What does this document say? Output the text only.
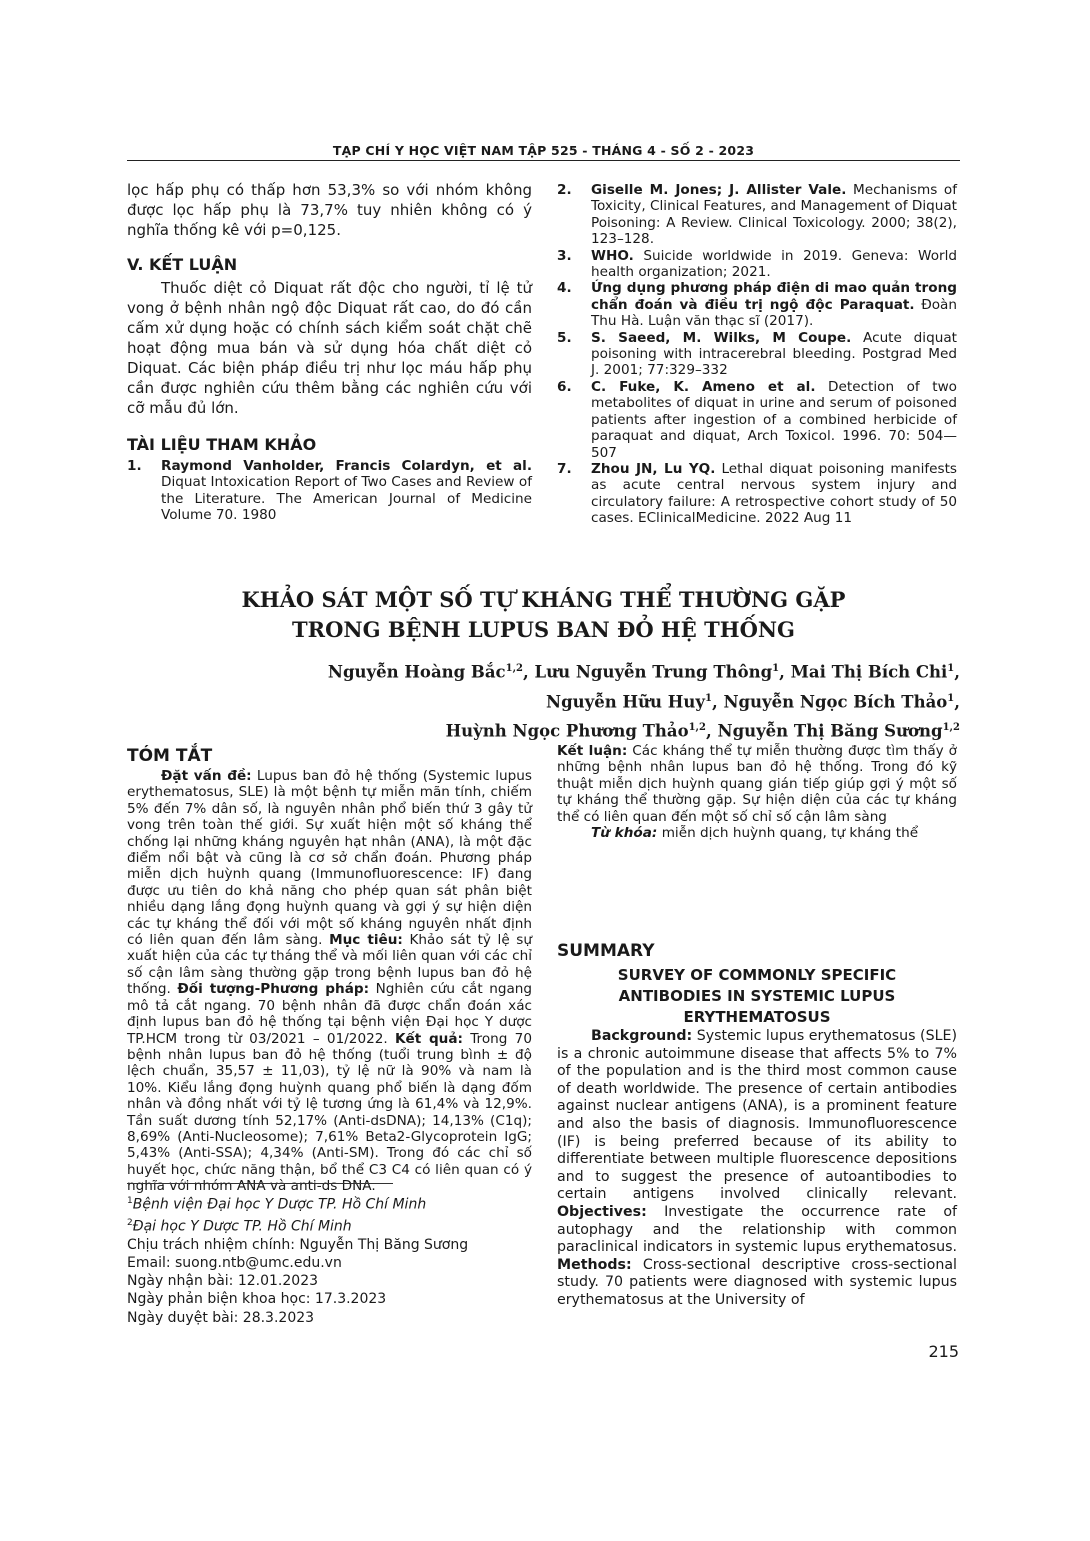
TẠP CHÍ Y HỌC VIỆT NAM TẬP 525 - THÁNG 4 - SỐ 2 - 2023

lọc hấp phụ có thấp hơn 53,3% so với nhóm không được lọc hấp phụ là 73,7% tuy nhiên không có ý nghĩa thống kê với p=0,125.

V. KẾT LUẬN

Thuốc diệt cỏ Diquat rất độc cho người, tỉ lệ tử vong ở bệnh nhân ngộ độc Diquat rất cao, do đó cần cấm xử dụng hoặc có chính sách kiểm soát chặt chẽ hoạt động mua bán và sử dụng hóa chất diệt cỏ Diquat. Các biện pháp điều trị như lọc máu hấp phụ cần được nghiên cứu thêm bằng các nghiên cứu với cỡ mẫu đủ lớn.

TÀI LIỆU THAM KHẢO
1. Raymond Vanholder, Francis Colardyn, et al. Diquat Intoxication Report of Two Cases and Review of the Literature. The American Journal of Medicine Volume 70. 1980
2. Giselle M. Jones; J. Allister Vale. Mechanisms of Toxicity, Clinical Features, and Management of Diquat Poisoning: A Review. Clinical Toxicology. 2000; 38(2), 123–128.
3. WHO. Suicide worldwide in 2019. Geneva: World health organization; 2021.
4. Ứng dụng phương pháp điện di mao quản trong chẩn đoán và điều trị ngộ độc Paraquat. Đoàn Thu Hà. Luận văn thạc sĩ (2017).
5. S. Saeed, M. Wilks, M Coupe. Acute diquat poisoning with intracerebral bleeding. Postgrad Med J. 2001; 77:329–332
6. C. Fuke, K. Ameno et al. Detection of two metabolites of diquat in urine and serum of poisoned patients after ingestion of a combined herbicide of paraquat and diquat, Arch Toxicol. 1996. 70: 504—507
7. Zhou JN, Lu YQ. Lethal diquat poisoning manifests as acute central nervous system injury and circulatory failure: A retrospective cohort study of 50 cases. EClinicalMedicine. 2022 Aug 11
KHẢO SÁT MỘT SỐ TỰ KHÁNG THỂ THƯỜNG GẶP
TRONG BỆNH LUPUS BAN ĐỎ HỆ THỐNG
Nguyễn Hoàng Bắc$^{1,2}$, Lưu Nguyễn Trung Thông$^1$, Mai Thị Bích Chi$^1$,
Nguyễn Hữu Huy$^1$, Nguyễn Ngọc Bích Thảo$^1$,
Huỳnh Ngọc Phương Thảo$^{1,2}$, Nguyễn Thị Băng Sương$^{1,2}$
TÓM TẮT

Đặt vấn đề: Lupus ban đỏ hệ thống (Systemic lupus erythematosus, SLE) là một bệnh tự miễn mãn tính, chiếm 5% đến 7% dân số, là nguyên nhân phổ biến thứ 3 gây tử vong trên toàn thế giới. Sự xuất hiện một số kháng thể chống lại những kháng nguyên hạt nhân (ANA), là một đặc điểm nổi bật và cũng là cơ sở chẩn đoán. Phương pháp miễn dịch huỳnh quang (Immunofluorescence: IF) đang được ưu tiên do khả năng cho phép quan sát phân biệt nhiều dạng lắng đọng huỳnh quang và gợi ý sự hiện diện các tự kháng thể đối với một số kháng nguyên nhất định có liên quan đến lâm sàng. Mục tiêu: Khảo sát tỷ lệ sự xuất hiện của các tự tháng thể và mối liên quan với các chỉ số cận lâm sàng thường gặp trong bệnh lupus ban đỏ hệ thống. Đối tượng-Phương pháp: Nghiên cứu cắt ngang mô tả cắt ngang. 70 bệnh nhân đã được chẩn đoán xác định lupus ban đỏ hệ thống tại bệnh viện Đại học Y dược TP.HCM trong từ 03/2021 – 01/2022. Kết quả: Trong 70 bệnh nhân lupus ban đỏ hệ thống (tuổi trung bình ± độ lệch chuẩn, 35,57 ± 11,03), tỷ lệ nữ là 90% và nam là 10%. Kiểu lắng đọng huỳnh quang phổ biến là dạng đốm nhân và đồng nhất với tỷ lệ tương ứng là 61,4% và 12,9%. Tần suất dương tính 52,17% (Anti-dsDNA); 14,13% (C1q); 8,69% (Anti-Nucleosome); 7,61% Beta2-Glycoprotein IgG; 5,43% (Anti-SSA); 4,34% (Anti-SM). Trong đó các chỉ số huyết học, chức năng thận, bổ thể C3 C4 có liên quan có ý nghĩa với nhóm ANA và anti-ds DNA.

Kết luận: Các kháng thể tự miễn thường được tìm thấy ở những bệnh nhân lupus ban đỏ hệ thống. Trong đó kỹ thuật miễn dịch huỳnh quang gián tiếp giúp gợi ý một số tự kháng thể thường gặp. Sự hiện diện của các tự kháng thể có liên quan đến một số chỉ số cận lâm sàng

Từ khóa: miễn dịch huỳnh quang, tự kháng thể

SUMMARY
SURVEY OF COMMONLY SPECIFIC
ANTIBODIES IN SYSTEMIC LUPUS
ERYTHEMATOSUS

Background: Systemic lupus erythematosus (SLE) is a chronic autoimmune disease that affects 5% to 7% of the population and is the third most common cause of death worldwide. The presence of certain antibodies against nuclear antigens (ANA), is a prominent feature and also the basis of diagnosis. Immunofluorescence (IF) is being preferred because of its ability to differentiate between multiple fluorescence depositions and to suggest the presence of autoantibodies to certain antigens involved clinically relevant. Objectives: Investigate the occurrence rate of autophagy and the relationship with common paraclinical indicators in systemic lupus erythematosus. Methods: Cross-sectional descriptive cross-sectional study. 70 patients were diagnosed with systemic lupus erythematosus at the University of

$^1$Bệnh viện Đại học Y Dược TP. Hồ Chí Minh
$^2$Đại học Y Dược TP. Hồ Chí Minh
Chịu trách nhiệm chính: Nguyễn Thị Băng Sương
Email: suong.ntb@umc.edu.vn
Ngày nhận bài: 12.01.2023
Ngày phản biện khoa học: 17.3.2023
Ngày duyệt bài: 28.3.2023
215
